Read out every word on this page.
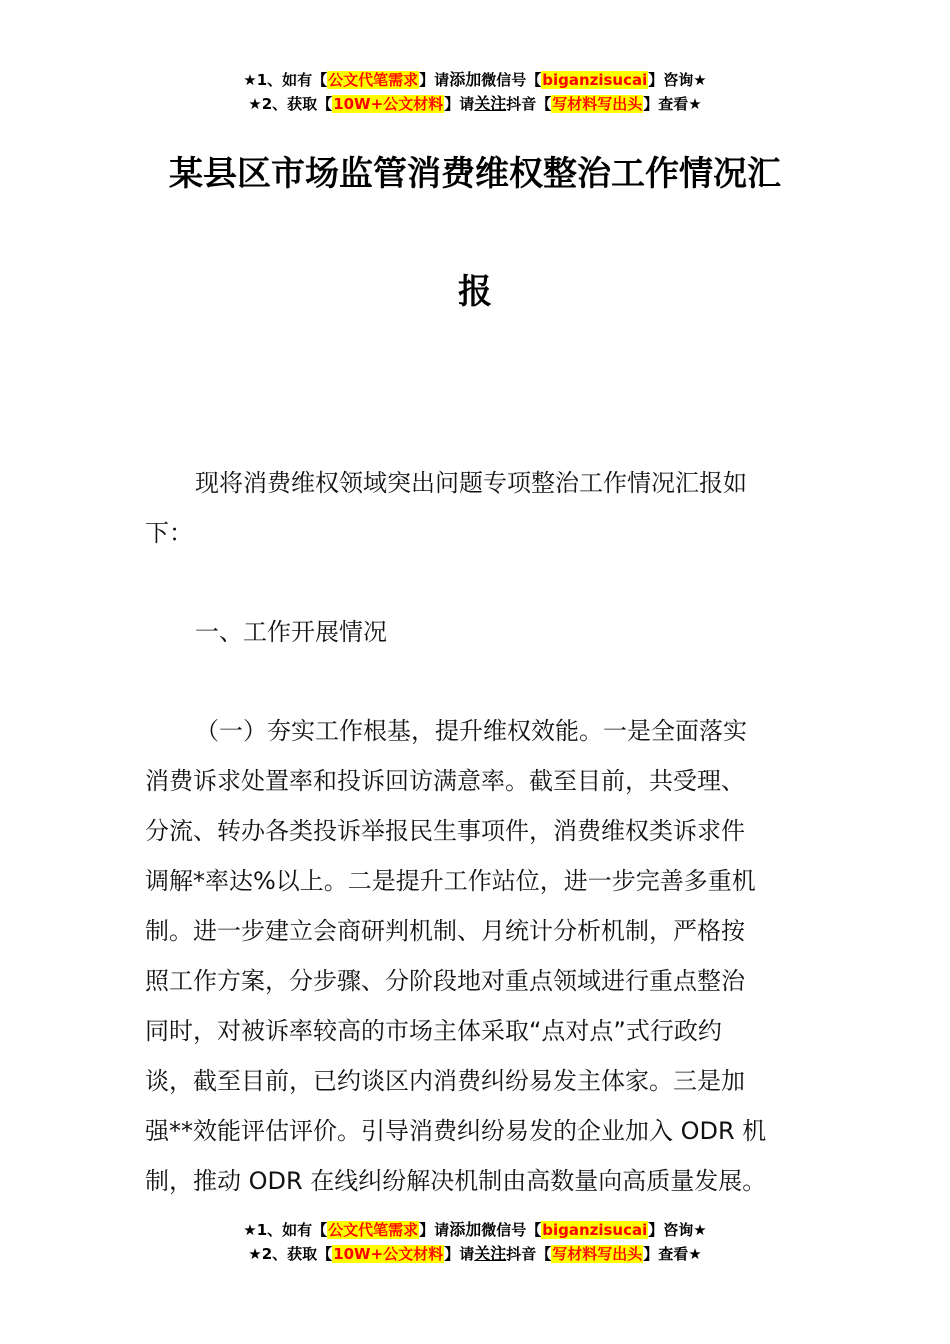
★1、如有【公文代笔需求】请添加微信号【biganzisucai】咨询★
★2、获取【10W+公文材料】请关注抖音【写材料写出头】查看★
某县区市场监管消费维权整治工作情况汇
报
现将消费维权领域突出问题专项整治工作情况汇报如
下：
一、工作开展情况
（一）夯实工作根基，提升维权效能。一是全面落实
消费诉求处置率和投诉回访满意率。截至目前，共受理、
分流、转办各类投诉举报民生事项件，消费维权类诉求件
调解*率达%以上。二是提升工作站位，进一步完善多重机
制。进一步建立会商研判机制、月统计分析机制，严格按
照工作方案，分步骤、分阶段地对重点领域进行重点整治
同时，对被诉率较高的市场主体采取“点对点”式行政约
谈，截至目前，已约谈区内消费纠纷易发主体家。三是加
强**效能评估评价。引导消费纠纷易发的企业加入 ODR 机
制，推动 ODR 在线纠纷解决机制由高数量向高质量发展。
★1、如有【公文代笔需求】请添加微信号【biganzisucai】咨询★
★2、获取【10W+公文材料】请关注抖音【写材料写出头】查看★
